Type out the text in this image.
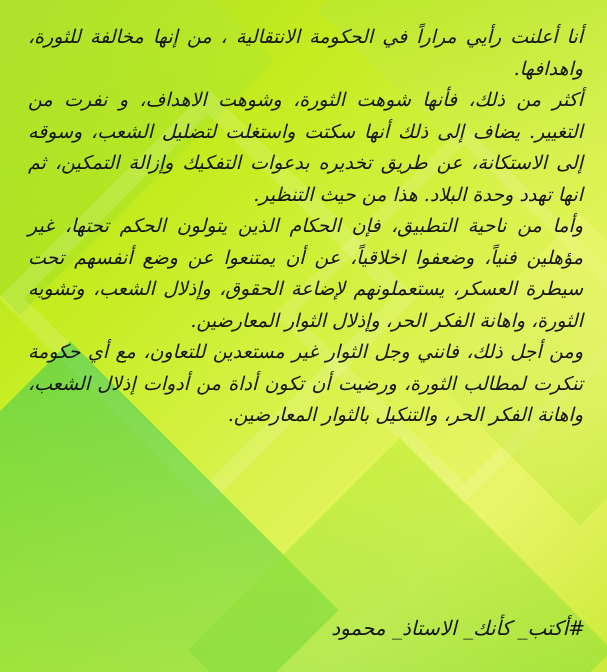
أنا أعلنت رأيي مراراً في الحكومة الانتقالية ، من إنها مخالفة للثورة، واهدافها.

أكثر من ذلك، فأنها شوهت الثورة، وشوهت الاهداف، و نفرت من التغيير. يضاف إلى ذلك أنها سكتت واستغلت لتضليل الشعب، وسوقه إلى الاستكانة، عن طريق تخديره بدعوات التفكيك وإزالة التمكين، ثم انها تهدد وحدة البلاد. هذا من حيث التنظير.

وأما من ناحية التطبيق، فإن الحكام الذين يتولون الحكم تحتها، غير مؤهلين فنياً، وضعفوا اخلاقياً، عن أن يمتنعوا عن وضع أنفسهم تحت سيطرة العسكر، يستعملونهم لإضاعة الحقوق، وإذلال الشعب، وتشويه الثورة، واهانة الفكر الحر، وإذلال الثوار المعارضين.

ومن أجل ذلك، فانني وجل الثوار غير مستعدين للتعاون، مع أي حكومة تنكرت لمطالب الثورة، ورضيت أن تكون أداة من أدوات إذلال الشعب، واهانة الفكر الحر، والتنكيل بالثوار المعارضين.

#أكتب_ كأنك_ الاستاذ_ محمود
